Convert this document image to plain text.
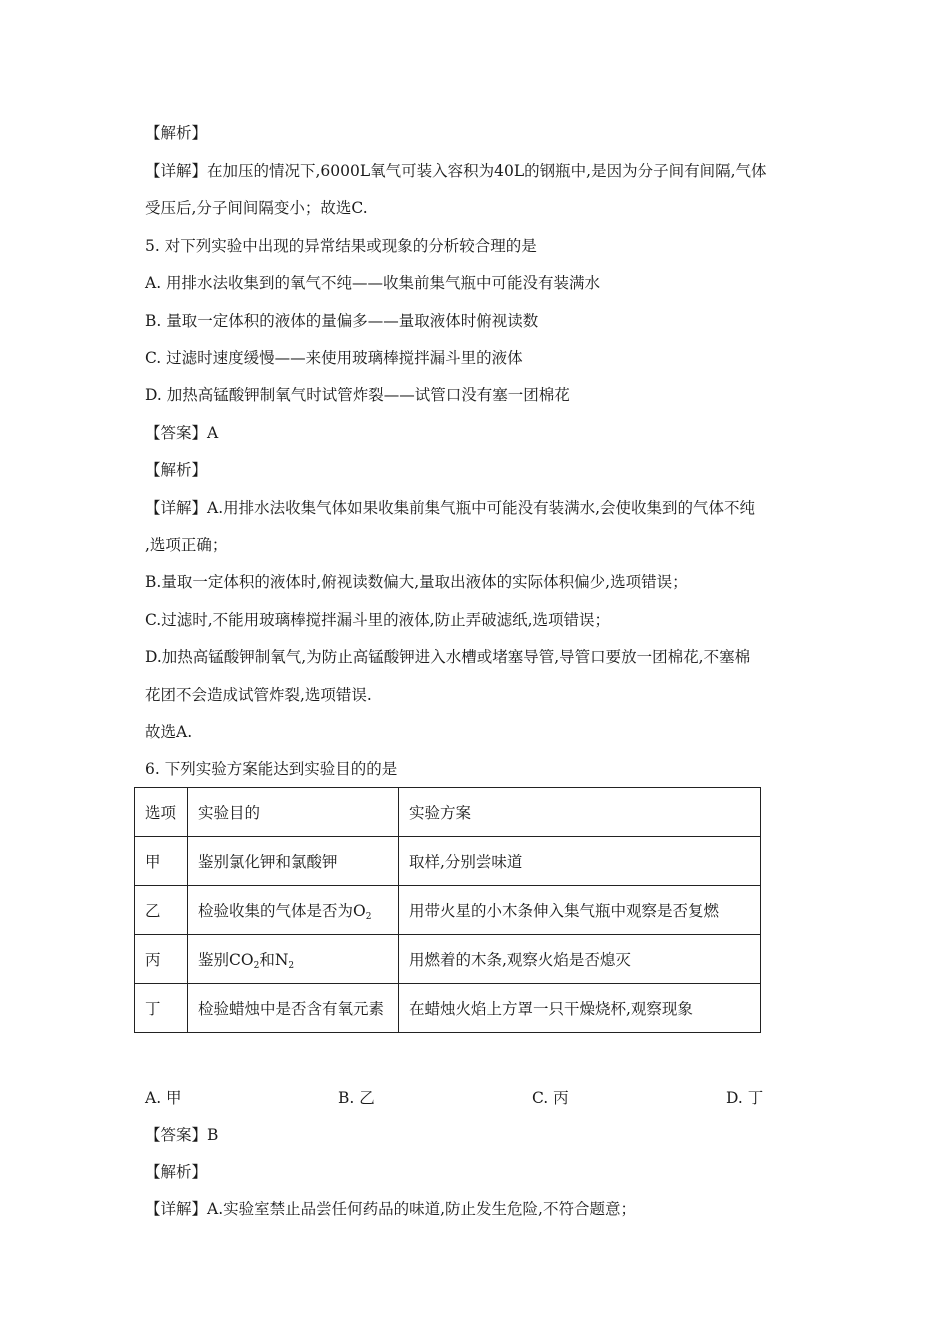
【解析】
【详解】在加压的情况下,6000L氧气可装入容积为40L的钢瓶中,是因为分子间有间隔,气体
受压后,分子间间隔变小；故选C.
5. 对下列实验中出现的异常结果或现象的分析较合理的是
A. 用排水法收集到的氧气不纯——收集前集气瓶中可能没有装满水
B. 量取一定体积的液体的量偏多——量取液体时俯视读数
C. 过滤时速度缓慢——来使用玻璃棒搅拌漏斗里的液体
D. 加热高锰酸钾制氧气时试管炸裂——试管口没有塞一团棉花
【答案】A
【解析】
【详解】A.用排水法收集气体如果收集前集气瓶中可能没有装满水,会使收集到的气体不纯
,选项正确；
B.量取一定体积的液体时,俯视读数偏大,量取出液体的实际体积偏少,选项错误；
C.过滤时,不能用玻璃棒搅拌漏斗里的液体,防止弄破滤纸,选项错误；
D.加热高锰酸钾制氧气,为防止高锰酸钾进入水槽或堵塞导管,导管口要放一团棉花,不塞棉
花团不会造成试管炸裂,选项错误.
故选A.
6. 下列实验方案能达到实验目的的是
选项	实验目的	实验方案
甲	鉴别氯化钾和氯酸钾	取样,分别尝味道
乙	检验收集的气体是否为$O_2$	用带火星的小木条伸入集气瓶中观察是否复燃
丙	鉴别$CO_2$和$N_2$	用燃着的木条,观察火焰是否熄灭
丁	检验蜡烛中是否含有氧元素	在蜡烛火焰上方罩一只干燥烧杯,观察现象
A. 甲	B. 乙	C. 丙	D. 丁
【答案】B
【解析】
【详解】A.实验室禁止品尝任何药品的味道,防止发生危险,不符合题意；
